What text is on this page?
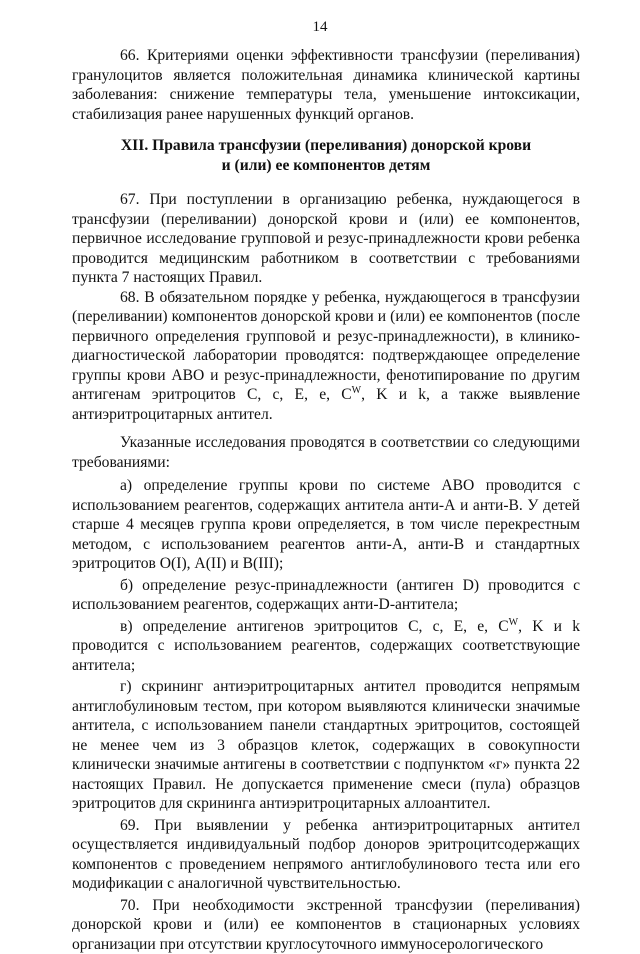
14

66. Критериями оценки эффективности трансфузии (переливания) гранулоцитов является положительная динамика клинической картины заболевания: снижение температуры тела, уменьшение интоксикации, стабилизация ранее нарушенных функций органов.

XII. Правила трансфузии (переливания) донорской крови

и (или) ее компонентов детям

67. При поступлении в организацию ребенка, нуждающегося в трансфузии (переливании) донорской крови и (или) ее компонентов, первичное исследование групповой и резус-принадлежности крови ребенка проводится медицинским работником в соответствии с требованиями пункта 7 настоящих Правил.

68. В обязательном порядке у ребенка, нуждающегося в трансфузии (переливании) компонентов донорской крови и (или) ее компонентов (после первичного определения групповой и резус-принадлежности), в клинико-диагностической лаборатории проводятся: подтверждающее определение группы крови АВО и резус-принадлежности, фенотипирование по другим антигенам эритроцитов С, с, Е, е, $С^W$, K и k, а также выявление антиэритроцитарных антител.

Указанные исследования проводятся в соответствии со следующими требованиями:

а) определение группы крови по системе АВО проводится с использованием реагентов, содержащих антитела анти-А и анти-В. У детей старше 4 месяцев группа крови определяется, в том числе перекрестным методом, с использованием реагентов анти-А, анти-В и стандартных эритроцитов О(I), А(II) и В(III);

б) определение резус-принадлежности (антиген D) проводится с использованием реагентов, содержащих анти-D-антитела;

в) определение антигенов эритроцитов С, с, Е, е, $С^W$, K и k проводится с использованием реагентов, содержащих соответствующие антитела;

г) скрининг антиэритроцитарных антител проводится непрямым антиглобулиновым тестом, при котором выявляются клинически значимые антитела, с использованием панели стандартных эритроцитов, состоящей не менее чем из 3 образцов клеток, содержащих в совокупности клинически значимые антигены в соответствии с подпунктом «г» пункта 22 настоящих Правил. Не допускается применение смеси (пула) образцов эритроцитов для скрининга антиэритроцитарных аллоантител.

69. При выявлении у ребенка антиэритроцитарных антител осуществляется индивидуальный подбор доноров эритроцитсодержащих компонентов с проведением непрямого антиглобулинового теста или его модификации с аналогичной чувствительностью.

70. При необходимости экстренной трансфузии (переливания) донорской крови и (или) ее компонентов в стационарных условиях организации при отсутствии круглосуточного иммуносерологического
